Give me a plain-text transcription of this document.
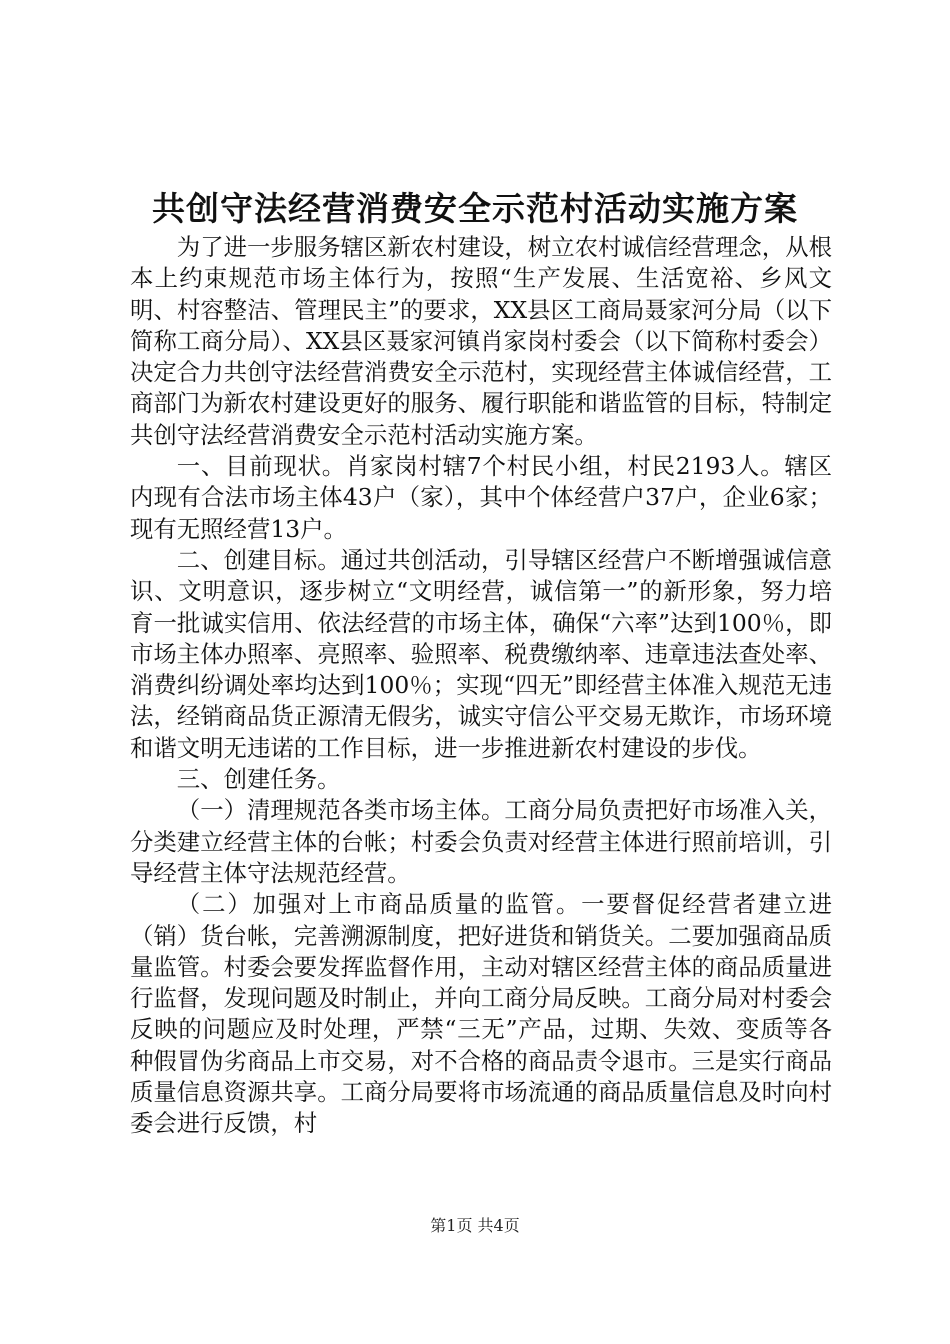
共创守法经营消费安全示范村活动实施方案

为了进一步服务辖区新农村建设，树立农村诚信经营理念，从根本上约束规范市场主体行为，按照“生产发展、生活宽裕、乡风文明、村容整洁、管理民主”的要求，XX县区工商局聂家河分局（以下简称工商分局）、XX县区聂家河镇肖家岗村委会（以下简称村委会）决定合力共创守法经营消费安全示范村，实现经营主体诚信经营，工商部门为新农村建设更好的服务、履行职能和谐监管的目标，特制定共创守法经营消费安全示范村活动实施方案。

一、目前现状。肖家岗村辖7个村民小组，村民2193人。辖区内现有合法市场主体43户（家），其中个体经营户37户，企业6家；现有无照经营13户。

二、创建目标。通过共创活动，引导辖区经营户不断增强诚信意识、文明意识，逐步树立“文明经营，诚信第一”的新形象，努力培育一批诚实信用、依法经营的市场主体，确保“六率”达到100％，即市场主体办照率、亮照率、验照率、税费缴纳率、违章违法查处率、消费纠纷调处率均达到100％；实现“四无”即经营主体准入规范无违法，经销商品货正源清无假劣，诚实守信公平交易无欺诈，市场环境和谐文明无违诺的工作目标，进一步推进新农村建设的步伐。

三、创建任务。

（一）清理规范各类市场主体。工商分局负责把好市场准入关，分类建立经营主体的台帐；村委会负责对经营主体进行照前培训，引导经营主体守法规范经营。

（二）加强对上市商品质量的监管。一要督促经营者建立进（销）货台帐，完善溯源制度，把好进货和销货关。二要加强商品质量监管。村委会要发挥监督作用，主动对辖区经营主体的商品质量进行监督，发现问题及时制止，并向工商分局反映。工商分局对村委会反映的问题应及时处理，严禁“三无”产品，过期、失效、变质等各种假冒伪劣商品上市交易，对不合格的商品责令退市。三是实行商品质量信息资源共享。工商分局要将市场流通的商品质量信息及时向村委会进行反馈，村

第1页 共4页
